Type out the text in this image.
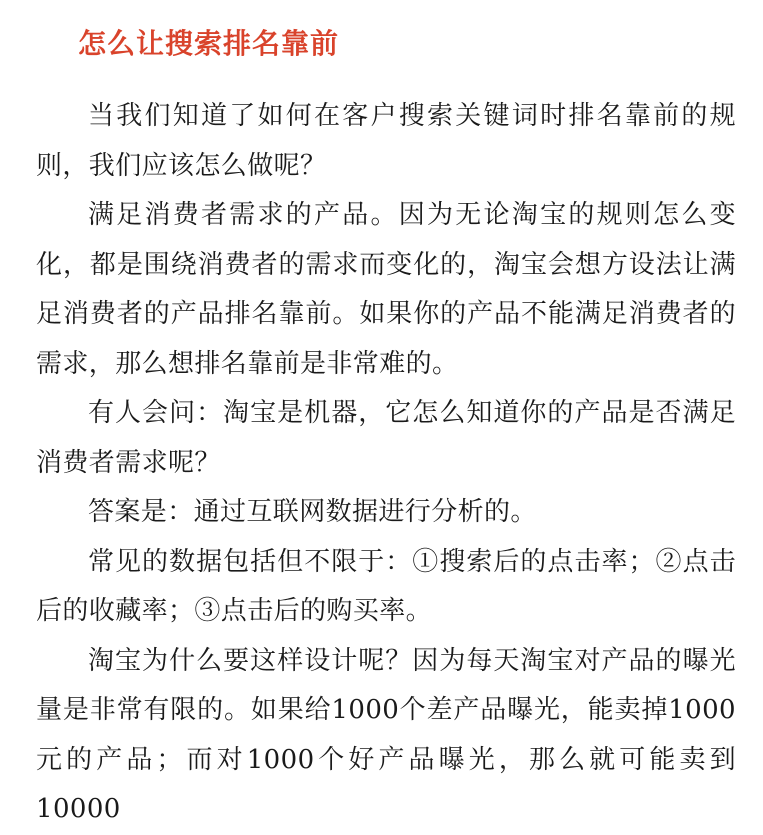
怎么让搜索排名靠前

当我们知道了如何在客户搜索关键词时排名靠前的规则，我们应该怎么做呢？

满足消费者需求的产品。因为无论淘宝的规则怎么变化，都是围绕消费者的需求而变化的，淘宝会想方设法让满足消费者的产品排名靠前。如果你的产品不能满足消费者的需求，那么想排名靠前是非常难的。

有人会问：淘宝是机器，它怎么知道你的产品是否满足消费者需求呢？

答案是：通过互联网数据进行分析的。

常见的数据包括但不限于：①搜索后的点击率；②点击后的收藏率；③点击后的购买率。

淘宝为什么要这样设计呢？因为每天淘宝对产品的曝光量是非常有限的。如果给1000个差产品曝光，能卖掉1000元的产品；而对1000个好产品曝光，那么就可能卖到10000
